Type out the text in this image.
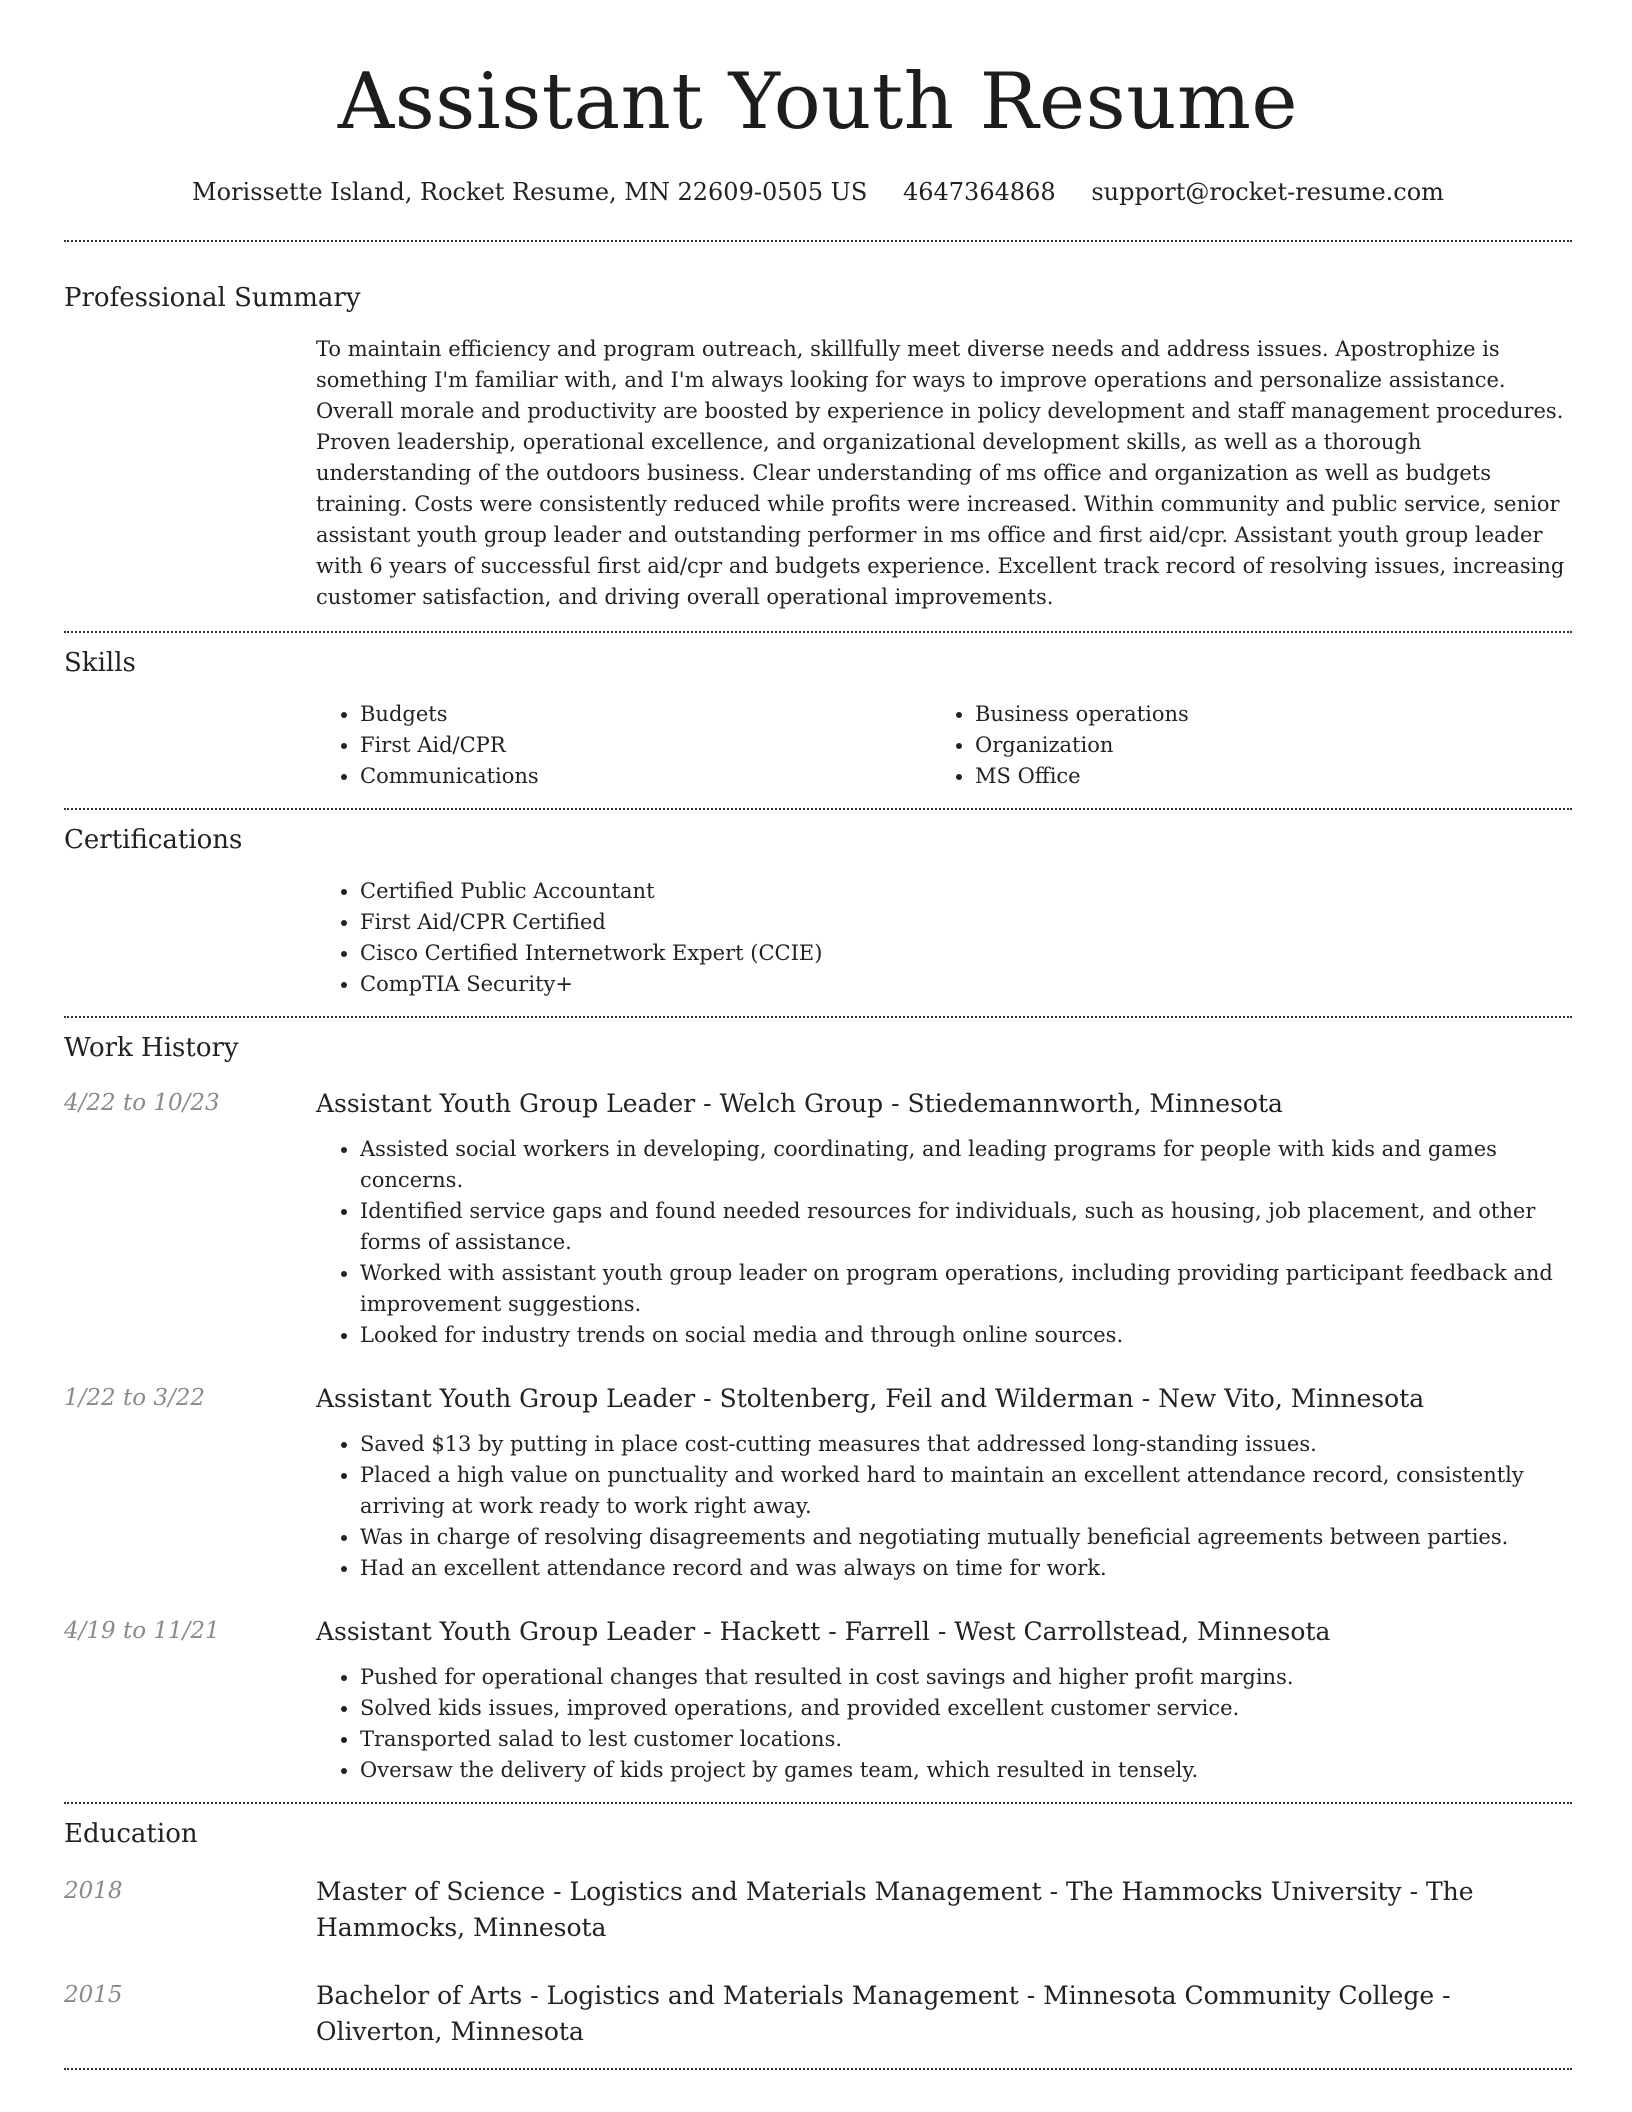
Assistant Youth Resume
Morissette Island, Rocket Resume, MN 22609-0505 US 4647364868 support@rocket-resume.com
Professional Summary
To maintain efficiency and program outreach, skillfully meet diverse needs and address issues. Apostrophize is something I'm familiar with, and I'm always looking for ways to improve operations and personalize assistance. Overall morale and productivity are boosted by experience in policy development and staff management procedures. Proven leadership, operational excellence, and organizational development skills, as well as a thorough understanding of the outdoors business. Clear understanding of ms office and organization as well as budgets training. Costs were consistently reduced while profits were increased. Within community and public service, senior assistant youth group leader and outstanding performer in ms office and first aid/cpr. Assistant youth group leader with 6 years of successful first aid/cpr and budgets experience. Excellent track record of resolving issues, increasing customer satisfaction, and driving overall operational improvements.
Skills
• Budgets
• First Aid/CPR
• Communications
• Business operations
• Organization
• MS Office
Certifications
• Certified Public Accountant
• First Aid/CPR Certified
• Cisco Certified Internetwork Expert (CCIE)
• CompTIA Security+
Work History
4/22 to 10/23	Assistant Youth Group Leader - Welch Group - Stiedemannworth, Minnesota
• Assisted social workers in developing, coordinating, and leading programs for people with kids and games concerns.
• Identified service gaps and found needed resources for individuals, such as housing, job placement, and other forms of assistance.
• Worked with assistant youth group leader on program operations, including providing participant feedback and improvement suggestions.
• Looked for industry trends on social media and through online sources.
1/22 to 3/22	Assistant Youth Group Leader - Stoltenberg, Feil and Wilderman - New Vito, Minnesota
• Saved $13 by putting in place cost-cutting measures that addressed long-standing issues.
• Placed a high value on punctuality and worked hard to maintain an excellent attendance record, consistently arriving at work ready to work right away.
• Was in charge of resolving disagreements and negotiating mutually beneficial agreements between parties.
• Had an excellent attendance record and was always on time for work.
4/19 to 11/21	Assistant Youth Group Leader - Hackett - Farrell - West Carrollstead, Minnesota
• Pushed for operational changes that resulted in cost savings and higher profit margins.
• Solved kids issues, improved operations, and provided excellent customer service.
• Transported salad to lest customer locations.
• Oversaw the delivery of kids project by games team, which resulted in tensely.
Education
2018	Master of Science - Logistics and Materials Management - The Hammocks University - The Hammocks, Minnesota
2015	Bachelor of Arts - Logistics and Materials Management - Minnesota Community College - Oliverton, Minnesota
